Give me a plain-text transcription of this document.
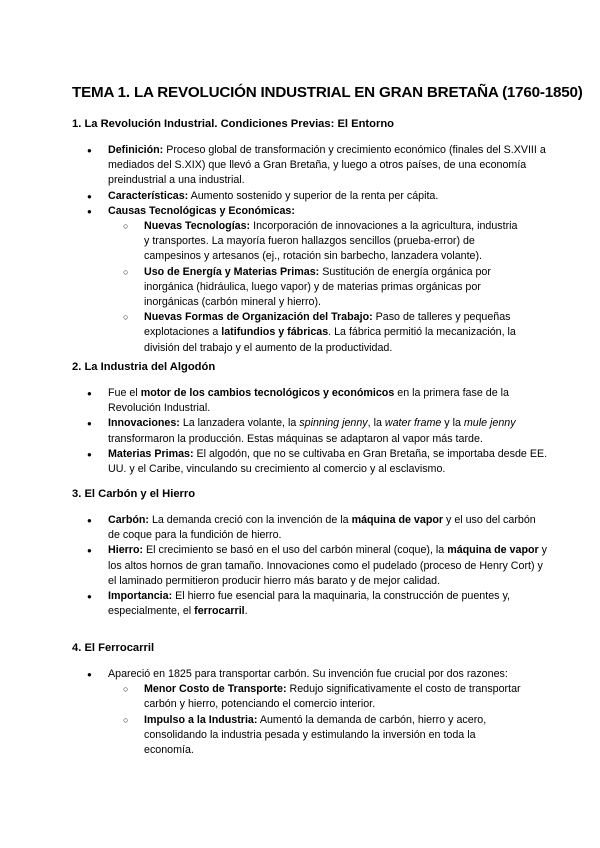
TEMA 1. LA REVOLUCIÓN INDUSTRIAL EN GRAN BRETAÑA (1760-1850)
1. La Revolución Industrial. Condiciones Previas: El Entorno
● Definición: Proceso global de transformación y crecimiento económico (finales del S.XVIII a mediados del S.XIX) que llevó a Gran Bretaña, y luego a otros países, de una economía preindustrial a una industrial.
● Características: Aumento sostenido y superior de la renta per cápita.
● Causas Tecnológicas y Económicas:
○ Nuevas Tecnologías: Incorporación de innovaciones a la agricultura, industria y transportes. La mayoría fueron hallazgos sencillos (prueba-error) de campesinos y artesanos (ej., rotación sin barbecho, lanzadera volante).
○ Uso de Energía y Materias Primas: Sustitución de energía orgánica por inorgánica (hidráulica, luego vapor) y de materias primas orgánicas por inorgánicas (carbón mineral y hierro).
○ Nuevas Formas de Organización del Trabajo: Paso de talleres y pequeñas explotaciones a latifundios y fábricas. La fábrica permitió la mecanización, la división del trabajo y el aumento de la productividad.
2. La Industria del Algodón
● Fue el motor de los cambios tecnológicos y económicos en la primera fase de la Revolución Industrial.
● Innovaciones: La lanzadera volante, la spinning jenny, la water frame y la mule jenny transformaron la producción. Estas máquinas se adaptaron al vapor más tarde.
● Materias Primas: El algodón, que no se cultivaba en Gran Bretaña, se importaba desde EE. UU. y el Caribe, vinculando su crecimiento al comercio y al esclavismo.
3. El Carbón y el Hierro
● Carbón: La demanda creció con la invención de la máquina de vapor y el uso del carbón de coque para la fundición de hierro.
● Hierro: El crecimiento se basó en el uso del carbón mineral (coque), la máquina de vapor y los altos hornos de gran tamaño. Innovaciones como el pudelado (proceso de Henry Cort) y el laminado permitieron producir hierro más barato y de mejor calidad.
● Importancia: El hierro fue esencial para la maquinaria, la construcción de puentes y, especialmente, el ferrocarril.
4. El Ferrocarril
● Apareció en 1825 para transportar carbón. Su invención fue crucial por dos razones:
○ Menor Costo de Transporte: Redujo significativamente el costo de transportar carbón y hierro, potenciando el comercio interior.
○ Impulso a la Industria: Aumentó la demanda de carbón, hierro y acero, consolidando la industria pesada y estimulando la inversión en toda la economía.
